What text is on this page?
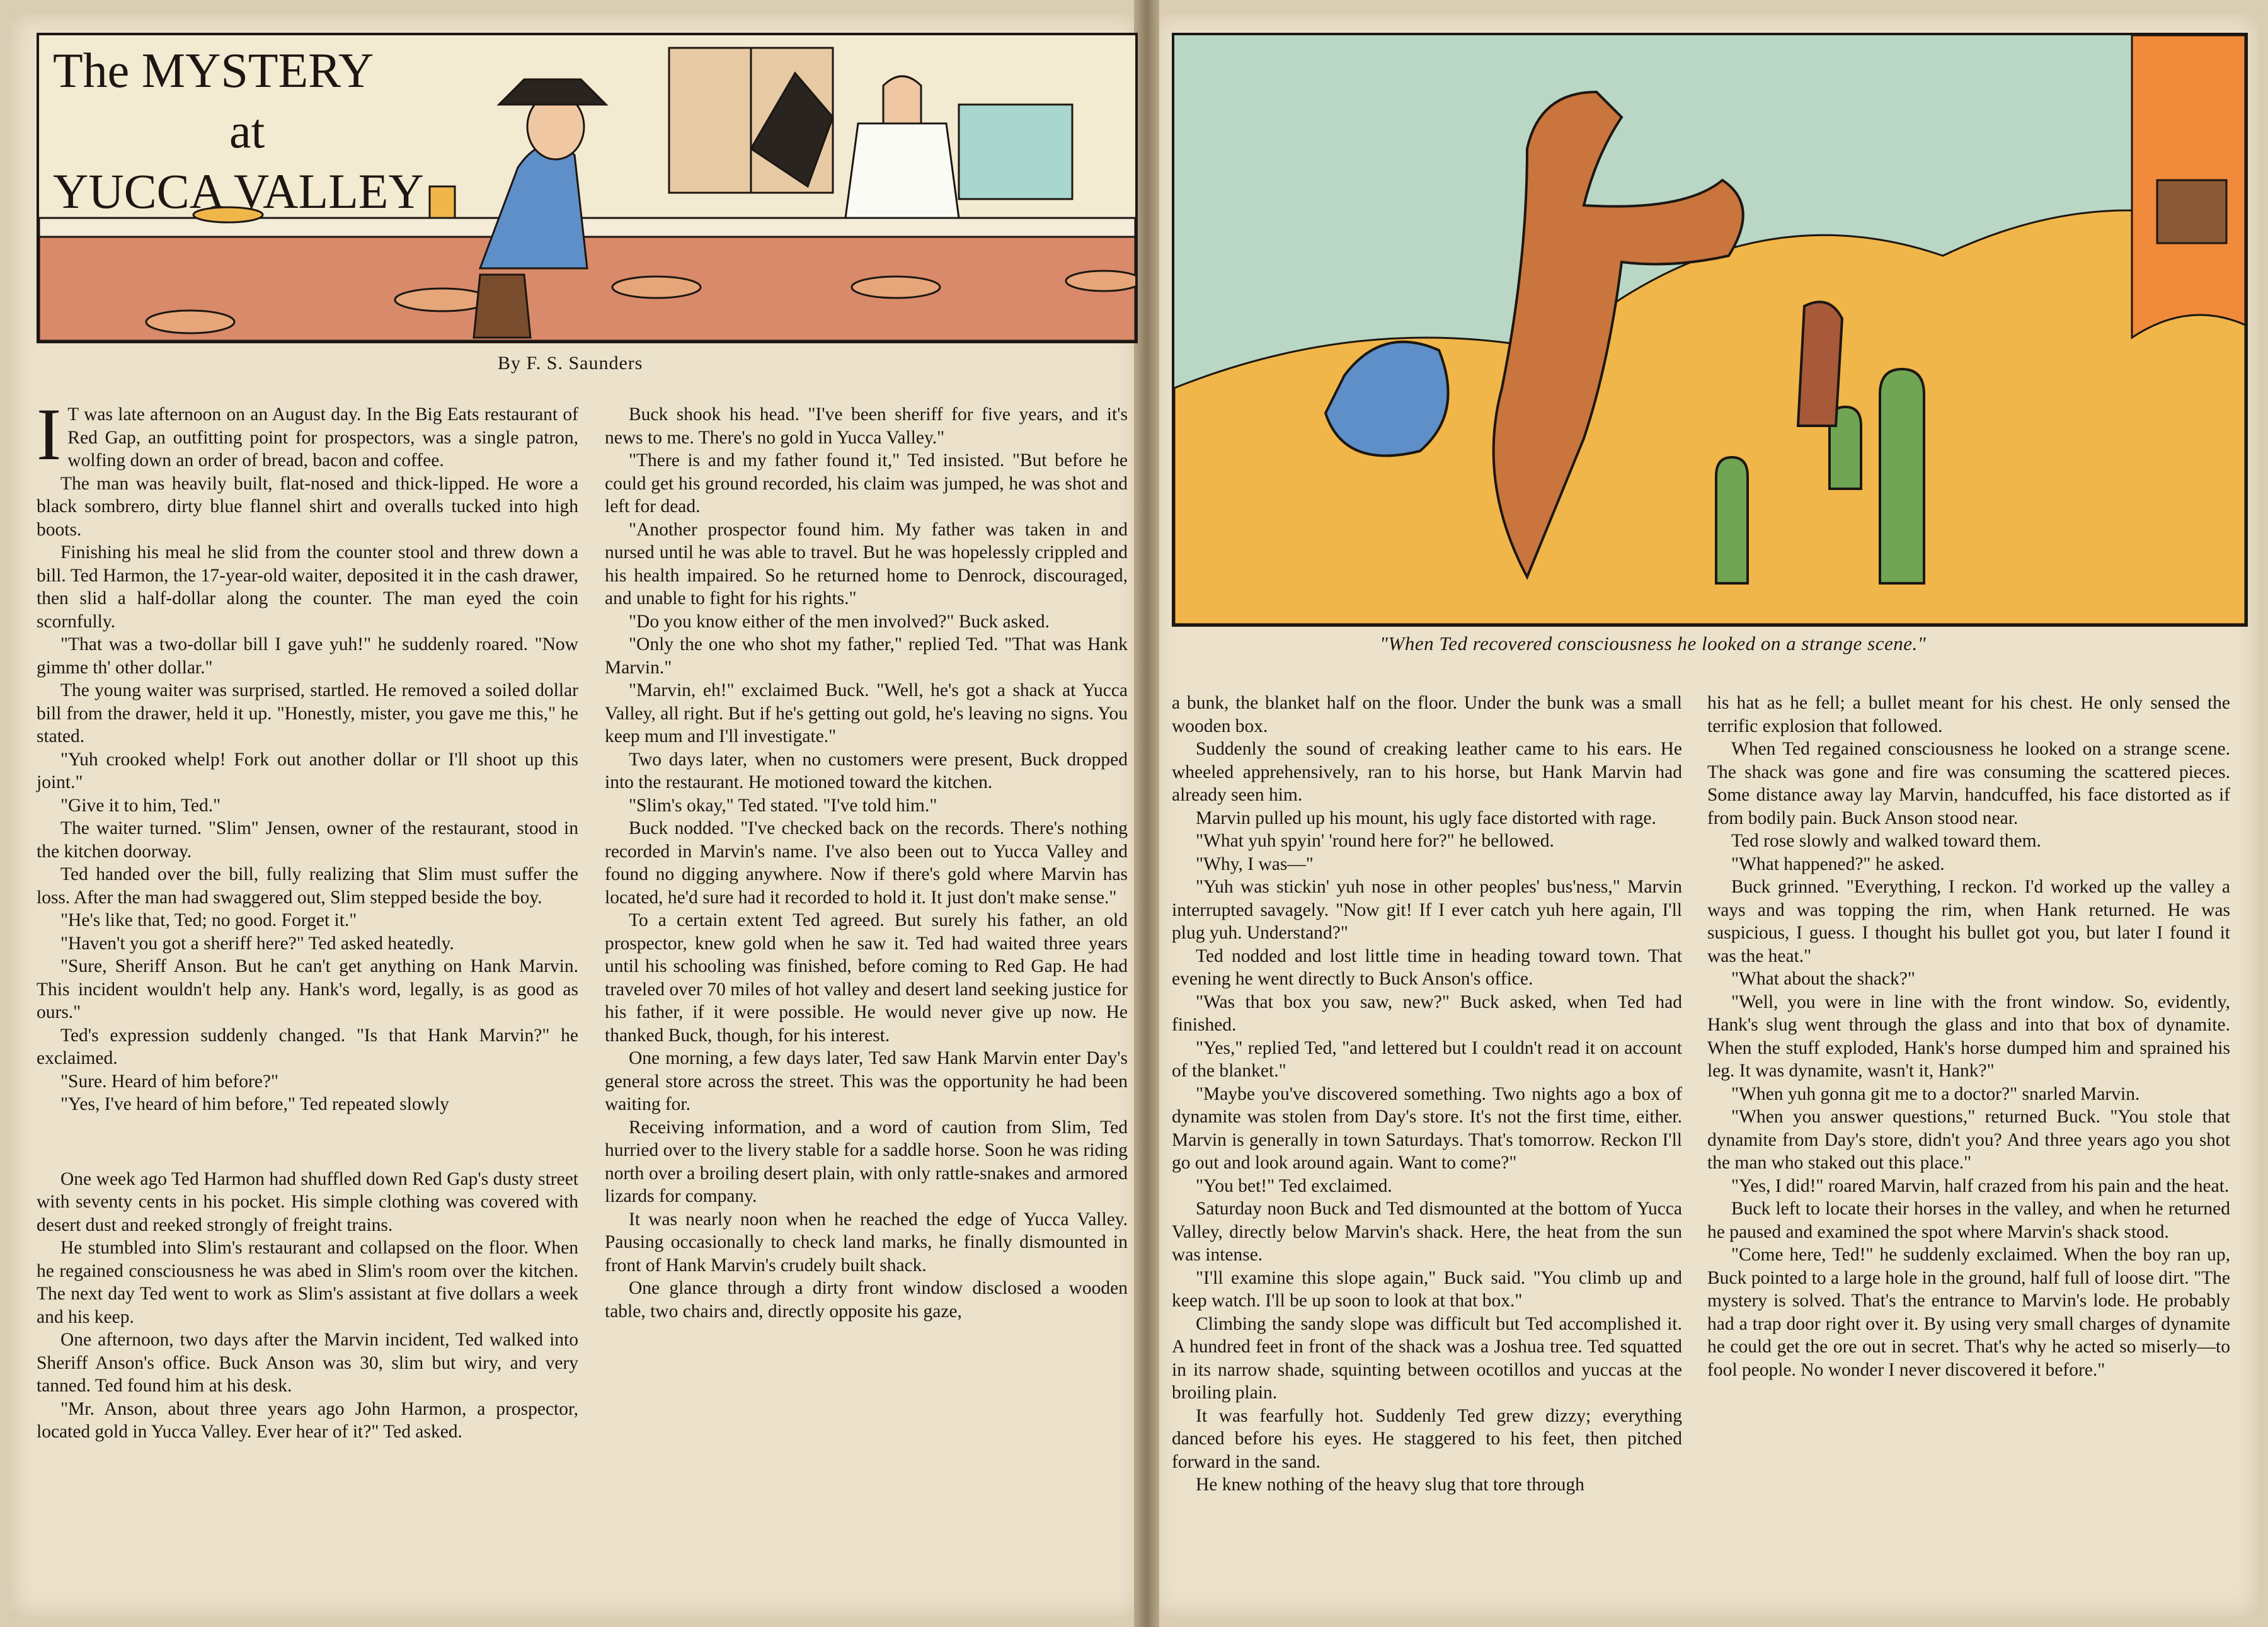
The MYSTERY
at
YUCCA VALLEY
By F. S. Saunders
I T was late afternoon on an August day. In the Big Eats restaurant of Red Gap, an outfitting point for prospectors, was a single patron, wolfing down an order of bread, bacon and coffee.

The man was heavily built, flat-nosed and thick-lipped. He wore a black sombrero, dirty blue flannel shirt and overalls tucked into high boots.

Finishing his meal he slid from the counter stool and threw down a bill. Ted Harmon, the 17-year-old waiter, deposited it in the cash drawer, then slid a half-dollar along the counter. The man eyed the coin scornfully.

"That was a two-dollar bill I gave yuh!" he suddenly roared. "Now gimme th' other dollar."

The young waiter was surprised, startled. He removed a soiled dollar bill from the drawer, held it up. "Honestly, mister, you gave me this," he stated.

"Yuh crooked whelp! Fork out another dollar or I'll shoot up this joint."

"Give it to him, Ted."

The waiter turned. "Slim" Jensen, owner of the restaurant, stood in the kitchen doorway.

Ted handed over the bill, fully realizing that Slim must suffer the loss. After the man had swaggered out, Slim stepped beside the boy.

"He's like that, Ted; no good. Forget it."

"Haven't you got a sheriff here?" Ted asked heatedly.

"Sure, Sheriff Anson. But he can't get anything on Hank Marvin. This incident wouldn't help any. Hank's word, legally, is as good as ours."

Ted's expression suddenly changed. "Is that Hank Marvin?" he exclaimed.

"Sure. Heard of him before?"

"Yes, I've heard of him before," Ted repeated slowly

One week ago Ted Harmon had shuffled down Red Gap's dusty street with seventy cents in his pocket. His simple clothing was covered with desert dust and reeked strongly of freight trains.

He stumbled into Slim's restaurant and collapsed on the floor. When he regained consciousness he was abed in Slim's room over the kitchen. The next day Ted went to work as Slim's assistant at five dollars a week and his keep.

One afternoon, two days after the Marvin incident, Ted walked into Sheriff Anson's office. Buck Anson was 30, slim but wiry, and very tanned. Ted found him at his desk.

"Mr. Anson, about three years ago John Harmon, a prospector, located gold in Yucca Valley. Ever hear of it?" Ted asked.

Buck shook his head. "I've been sheriff for five years, and it's news to me. There's no gold in Yucca Valley."

"There is and my father found it," Ted insisted. "But before he could get his ground recorded, his claim was jumped, he was shot and left for dead.

"Another prospector found him. My father was taken in and nursed until he was able to travel. But he was hopelessly crippled and his health impaired. So he returned home to Denrock, discouraged, and unable to fight for his rights."

"Do you know either of the men involved?" Buck asked.

"Only the one who shot my father," replied Ted. "That was Hank Marvin."

"Marvin, eh!" exclaimed Buck. "Well, he's got a shack at Yucca Valley, all right. But if he's getting out gold, he's leaving no signs. You keep mum and I'll investigate."

Two days later, when no customers were present, Buck dropped into the restaurant. He motioned toward the kitchen.

"Slim's okay," Ted stated. "I've told him."

Buck nodded. "I've checked back on the records. There's nothing recorded in Marvin's name. I've also been out to Yucca Valley and found no digging anywhere. Now if there's gold where Marvin has located, he'd sure had it recorded to hold it. It just don't make sense."

To a certain extent Ted agreed. But surely his father, an old prospector, knew gold when he saw it. Ted had waited three years until his schooling was finished, before coming to Red Gap. He had traveled over 70 miles of hot valley and desert land seeking justice for his father, if it were possible. He would never give up now. He thanked Buck, though, for his interest.

One morning, a few days later, Ted saw Hank Marvin enter Day's general store across the street. This was the opportunity he had been waiting for.

Receiving information, and a word of caution from Slim, Ted hurried over to the livery stable for a saddle horse. Soon he was riding north over a broiling desert plain, with only rattle-snakes and armored lizards for company.

It was nearly noon when he reached the edge of Yucca Valley. Pausing occasionally to check land marks, he finally dismounted in front of Hank Marvin's crudely built shack.

One glance through a dirty front window disclosed a wooden table, two chairs and, directly opposite his gaze,

"When Ted recovered consciousness he looked on a strange scene."

a bunk, the blanket half on the floor. Under the bunk was a small wooden box.

Suddenly the sound of creaking leather came to his ears. He wheeled apprehensively, ran to his horse, but Hank Marvin had already seen him.

Marvin pulled up his mount, his ugly face distorted with rage.

"What yuh spyin' 'round here for?" he bellowed.

"Why, I was—"

"Yuh was stickin' yuh nose in other peoples' bus'ness," Marvin interrupted savagely. "Now git! If I ever catch yuh here again, I'll plug yuh. Understand?"

Ted nodded and lost little time in heading toward town. That evening he went directly to Buck Anson's office.

"Was that box you saw, new?" Buck asked, when Ted had finished.

"Yes," replied Ted, "and lettered but I couldn't read it on account of the blanket."

"Maybe you've discovered something. Two nights ago a box of dynamite was stolen from Day's store. It's not the first time, either. Marvin is generally in town Saturdays. That's tomorrow. Reckon I'll go out and look around again. Want to come?"

"You bet!" Ted exclaimed.

Saturday noon Buck and Ted dismounted at the bottom of Yucca Valley, directly below Marvin's shack. Here, the heat from the sun was intense.

"I'll examine this slope again," Buck said. "You climb up and keep watch. I'll be up soon to look at that box."

Climbing the sandy slope was difficult but Ted accomplished it. A hundred feet in front of the shack was a Joshua tree. Ted squatted in its narrow shade, squinting between ocotillos and yuccas at the broiling plain.

It was fearfully hot. Suddenly Ted grew dizzy; everything danced before his eyes. He staggered to his feet, then pitched forward in the sand.

He knew nothing of the heavy slug that tore through

his hat as he fell; a bullet meant for his chest. He only sensed the terrific explosion that followed.

When Ted regained consciousness he looked on a strange scene. The shack was gone and fire was consuming the scattered pieces. Some distance away lay Marvin, handcuffed, his face distorted as if from bodily pain. Buck Anson stood near.

Ted rose slowly and walked toward them.

"What happened?" he asked.

Buck grinned. "Everything, I reckon. I'd worked up the valley a ways and was topping the rim, when Hank returned. He was suspicious, I guess. I thought his bullet got you, but later I found it was the heat."

"What about the shack?"

"Well, you were in line with the front window. So, evidently, Hank's slug went through the glass and into that box of dynamite. When the stuff exploded, Hank's horse dumped him and sprained his leg. It was dynamite, wasn't it, Hank?"

"When yuh gonna git me to a doctor?" snarled Marvin.

"When you answer questions," returned Buck. "You stole that dynamite from Day's store, didn't you? And three years ago you shot the man who staked out this place."

"Yes, I did!" roared Marvin, half crazed from his pain and the heat.

Buck left to locate their horses in the valley, and when he returned he paused and examined the spot where Marvin's shack stood.

"Come here, Ted!" he suddenly exclaimed. When the boy ran up, Buck pointed to a large hole in the ground, half full of loose dirt. "The mystery is solved. That's the entrance to Marvin's lode. He probably had a trap door right over it. By using very small charges of dynamite he could get the ore out in secret. That's why he acted so miserly—to fool people. No wonder I never discovered it before."
